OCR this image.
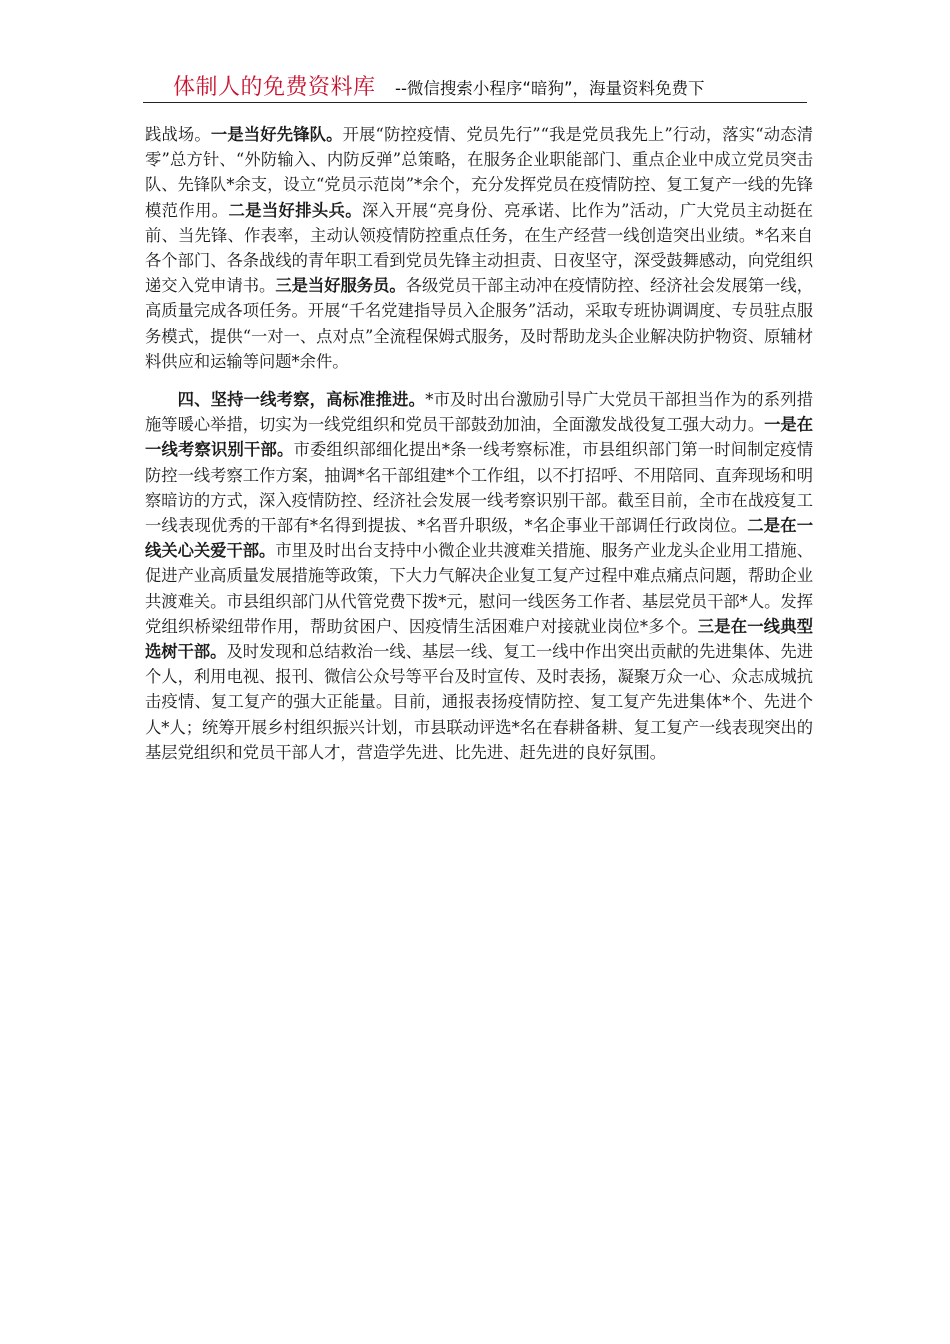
体制人的免费资料库 --微信搜索小程序“暗狗”，海量资料免费下

践战场。一是当好先锋队。开展“防控疫情、党员先行”“我是党员我先上”行动，落实“动态清零”总方针、“外防输入、内防反弹”总策略，在服务企业职能部门、重点企业中成立党员突击队、先锋队*余支，设立“党员示范岗”*余个，充分发挥党员在疫情防控、复工复产一线的先锋模范作用。二是当好排头兵。深入开展“亮身份、亮承诺、比作为”活动，广大党员主动挺在前、当先锋、作表率，主动认领疫情防控重点任务，在生产经营一线创造突出业绩。*名来自各个部门、各条战线的青年职工看到党员先锋主动担责、日夜坚守，深受鼓舞感动，向党组织递交入党申请书。三是当好服务员。各级党员干部主动冲在疫情防控、经济社会发展第一线，高质量完成各项任务。开展“千名党建指导员入企服务”活动，采取专班协调调度、专员驻点服务模式，提供“一对一、点对点”全流程保姆式服务，及时帮助龙头企业解决防护物资、原辅材料供应和运输等问题*余件。

四、坚持一线考察，高标准推进。*市及时出台激励引导广大党员干部担当作为的系列措施等暖心举措，切实为一线党组织和党员干部鼓劲加油，全面激发战役复工强大动力。一是在一线考察识别干部。市委组织部细化提出*条一线考察标准，市县组织部门第一时间制定疫情防控一线考察工作方案，抽调*名干部组建*个工作组，以不打招呼、不用陪同、直奔现场和明察暗访的方式，深入疫情防控、经济社会发展一线考察识别干部。截至目前，全市在战疫复工一线表现优秀的干部有*名得到提拔、*名晋升职级，*名企事业干部调任行政岗位。二是在一线关心关爱干部。市里及时出台支持中小微企业共渡难关措施、服务产业龙头企业用工措施、促进产业高质量发展措施等政策，下大力气解决企业复工复产过程中难点痛点问题，帮助企业共渡难关。市县组织部门从代管党费下拨*元，慰问一线医务工作者、基层党员干部*人。发挥党组织桥梁纽带作用，帮助贫困户、因疫情生活困难户对接就业岗位*多个。三是在一线典型选树干部。及时发现和总结救治一线、基层一线、复工一线中作出突出贡献的先进集体、先进个人，利用电视、报刊、微信公众号等平台及时宣传、及时表扬，凝聚万众一心、众志成城抗击疫情、复工复产的强大正能量。目前，通报表扬疫情防控、复工复产先进集体*个、先进个人*人；统筹开展乡村组织振兴计划，市县联动评选*名在春耕备耕、复工复产一线表现突出的基层党组织和党员干部人才，营造学先进、比先进、赶先进的良好氛围。
